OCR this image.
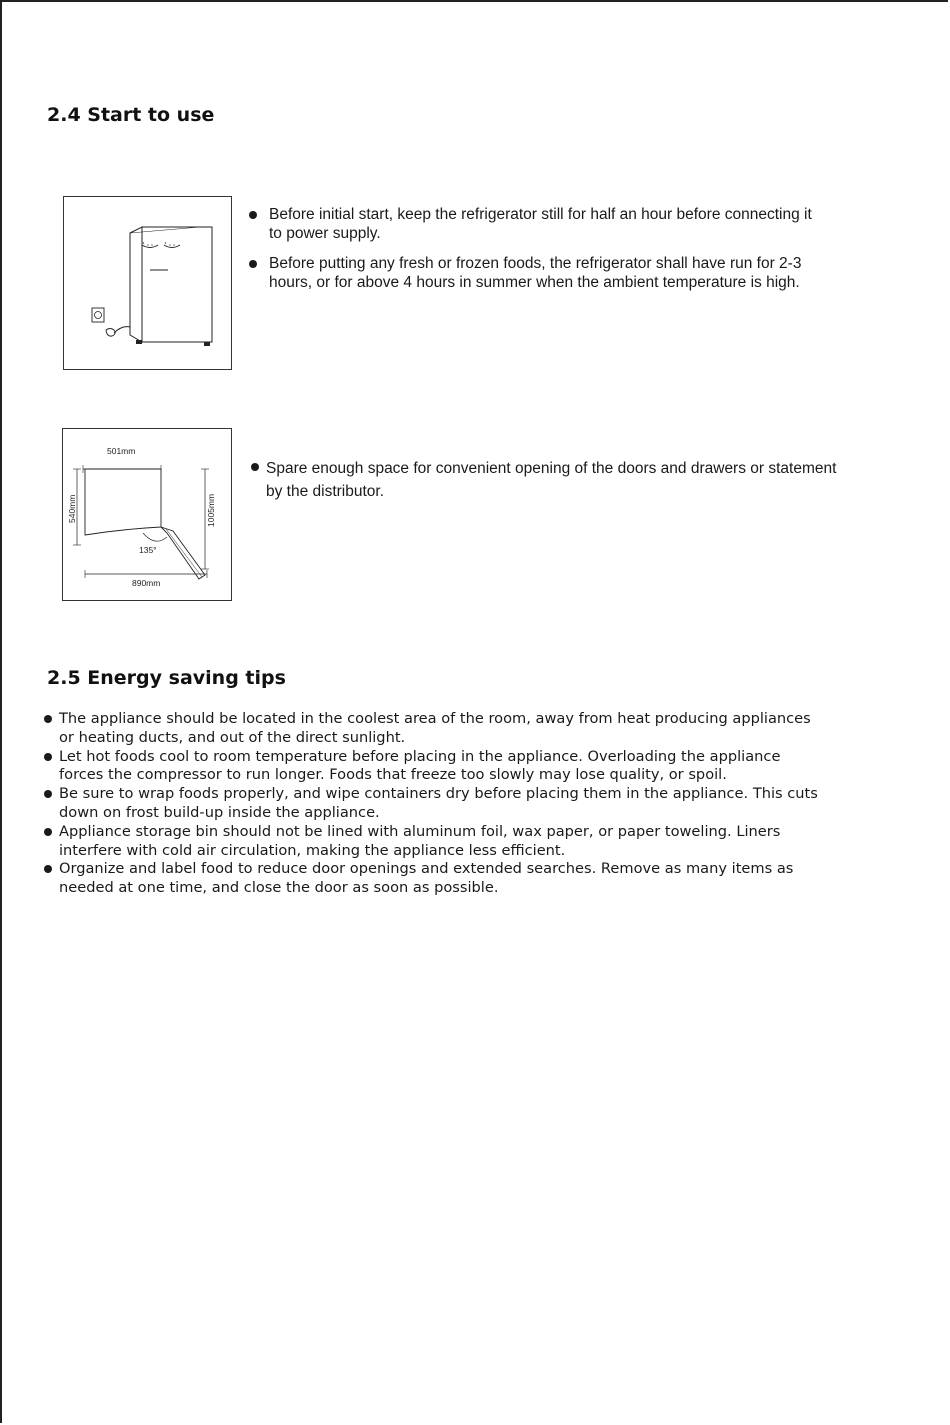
2.4 Start to use
Before initial start, keep the refrigerator still for half an hour before connecting it to power supply.
Before putting any fresh or frozen foods, the refrigerator shall have run for 2-3 hours, or for above 4 hours in summer when the ambient temperature is high.
501mm
135°
540mm	1005mm
890mm
Spare enough space for convenient opening of the doors and drawers or statement by the distributor.
2.5 Energy saving tips
The appliance should be located in the coolest area of the room, away from heat producing appliances or heating ducts, and out of the direct sunlight.
Let hot foods cool to room temperature before placing in the appliance. Overloading the appliance forces the compressor to run longer. Foods that freeze too slowly may lose quality, or spoil.
Be sure to wrap foods properly, and wipe containers dry before placing them in the appliance. This cuts down on frost build-up inside the appliance.
Appliance storage bin should not be lined with aluminum foil, wax paper, or paper toweling. Liners interfere with cold air circulation, making the appliance less efficient.
Organize and label food to reduce door openings and extended searches. Remove as many items as needed at one time, and close the door as soon as possible.
